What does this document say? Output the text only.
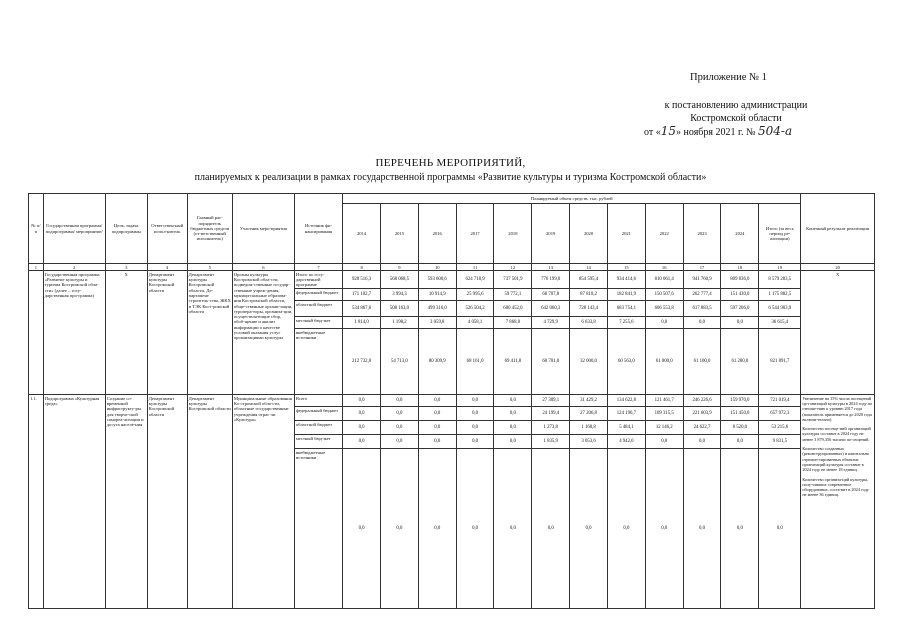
Приложение № 1
к постановлению администрации
Костромской области
от «15» ноября 2021 г. № 504-а
ПЕРЕЧЕНЬ МЕРОПРИЯТИЙ,
планируемых к реализации в рамках государственной программы «Развитие культуры и туризма Костромской области»
№ п/п	Государственная программа/ подпрограмма/ мероприятие/	Цель, задача подпрограммы	Ответствен-ный испол-нитель	Главный рас-порядитель бюджетных средств (от-ветственный исполнитель)	Участник меро-приятия	Источник фи-нансирования	Планируемый объем средств, тыс. рублей												Конечный результат реализации
							2014	2015	2016	2017	2018	2019	2020	2021	2022	2023	2024	Итого (за весь период ре-ализации)	
1	2	3	4	5	6	7	8	9	10	11	12	13	14	15	16	17	18	19	20
	Государственная программа «Развитие культуры и туризма Костромской обла-сти» (далее – госу-дарственная про-грамма)	Х	Департамент культуры Костромской области	Департамент культуры Костромской области, Де-партамент строитель-ства, ЖКХ и ТЭК Кост-ромской области	Органы культуры Костромской обла-сти, подведом-ственные государ-ственные учреж-дения, муници-пальные образова-ния Костромской области, обще-ственные органи-зации, туропера-торы, организа-ции, осуществля-ющие сбор, обоб-щение и анализ информации о качестве условий оказания услуг организациями культуры	Итого по госу-дарственной программе	920 516,3	568 068,5	593 600,6	624 718,9	737 501,9	776 199,0	854 595,4	934 414,6	810 061,4	941 760,9	809 836,0	8 579 283,5	Х
						федеральный бюджет	171 102,7	3 994,3	10 914,9	25 995,6	59 772,1	68 707,8	87 818,2	182 841,9	150 507,6	262 777,4	151 430,0	1 175 882,5	
						областной бюджет	534 867,6	508 163,0	499 316,0	526 504,2	600 452,0	642 060,3	728 143,4	683 754,1	606 553,8	617 883,5	597 206,0	6 544 903,9	
						местный бюд-жет	1 814,0	1 198,2	3 059,8	4 058,1	7 868,0	4 729,9	6 633,8	7 255,6	0,0	0,0	0,0	36 615,4	
						внебюджетные источники	212 732,0	54 713,0	80 309,9	68 161,0	69 411,8	60 701,0	32 000,0	60 563,0	61 000,0	61 100,0	61 200,0	821 891,7	
1.1.	Подпрограмма «Культурная среда»	Создание со-временной инфраструкту-ры для творче-ской самореа-лизации и досуга населе-ния	Департамент культуры Костромской области	Департамент культуры Костромской области	Муниципальные образования Ко-стромской обла-сти, областные государственные учреждения отрас-ли «Культура»	Всего	0,0	0,0	0,0	0,0	0,0	27 309,1	31 429,2	134 622,8	121 461,7	246 226,6	159 970,0	721 019,4	Увеличение на 15% числа посещений ор-ганизаций культуры в 2024 году по отноше-нию к уровню 2017 года (показатель применяется до 2020 года включи-тельно).
Количество посеще-ний организаций культуры составит в 2024 году не менее 3 879,356 тысячи по-сещений.
Количество созданных (реконструированных) и капитально отремон-тированных объектов организаций культуры составит в 2024 году не менее 18 единиц.
Количество организа-ций культуры, полу-чивших современное оборудование, соста-вит в 2024 году не менее 36 единиц.

						федеральный бюджет	0,0	0,0	0,0	0,0	0,0	24 199,4	27 206,8	124 196,7	109 315,5	221 603,9	151 450,0	657 972,3	
						областной бюджет	0,0	0,0	0,0	0,0	0,0	1 273,8	1 168,8	5 484,1	12 146,2	24 622,7	8 520,0	53 215,6	
						местный бюд-жет	0,0	0,0	0,0	0,0	0,0	1 835,9	3 053,6	4 942,0	0,0	0,0	0,0	9 831,5	
						внебюджетные источники	0,0	0,0	0,0	0,0	0,0	0,0	0,0	0,0	0,0	0,0	0,0	0,0	
